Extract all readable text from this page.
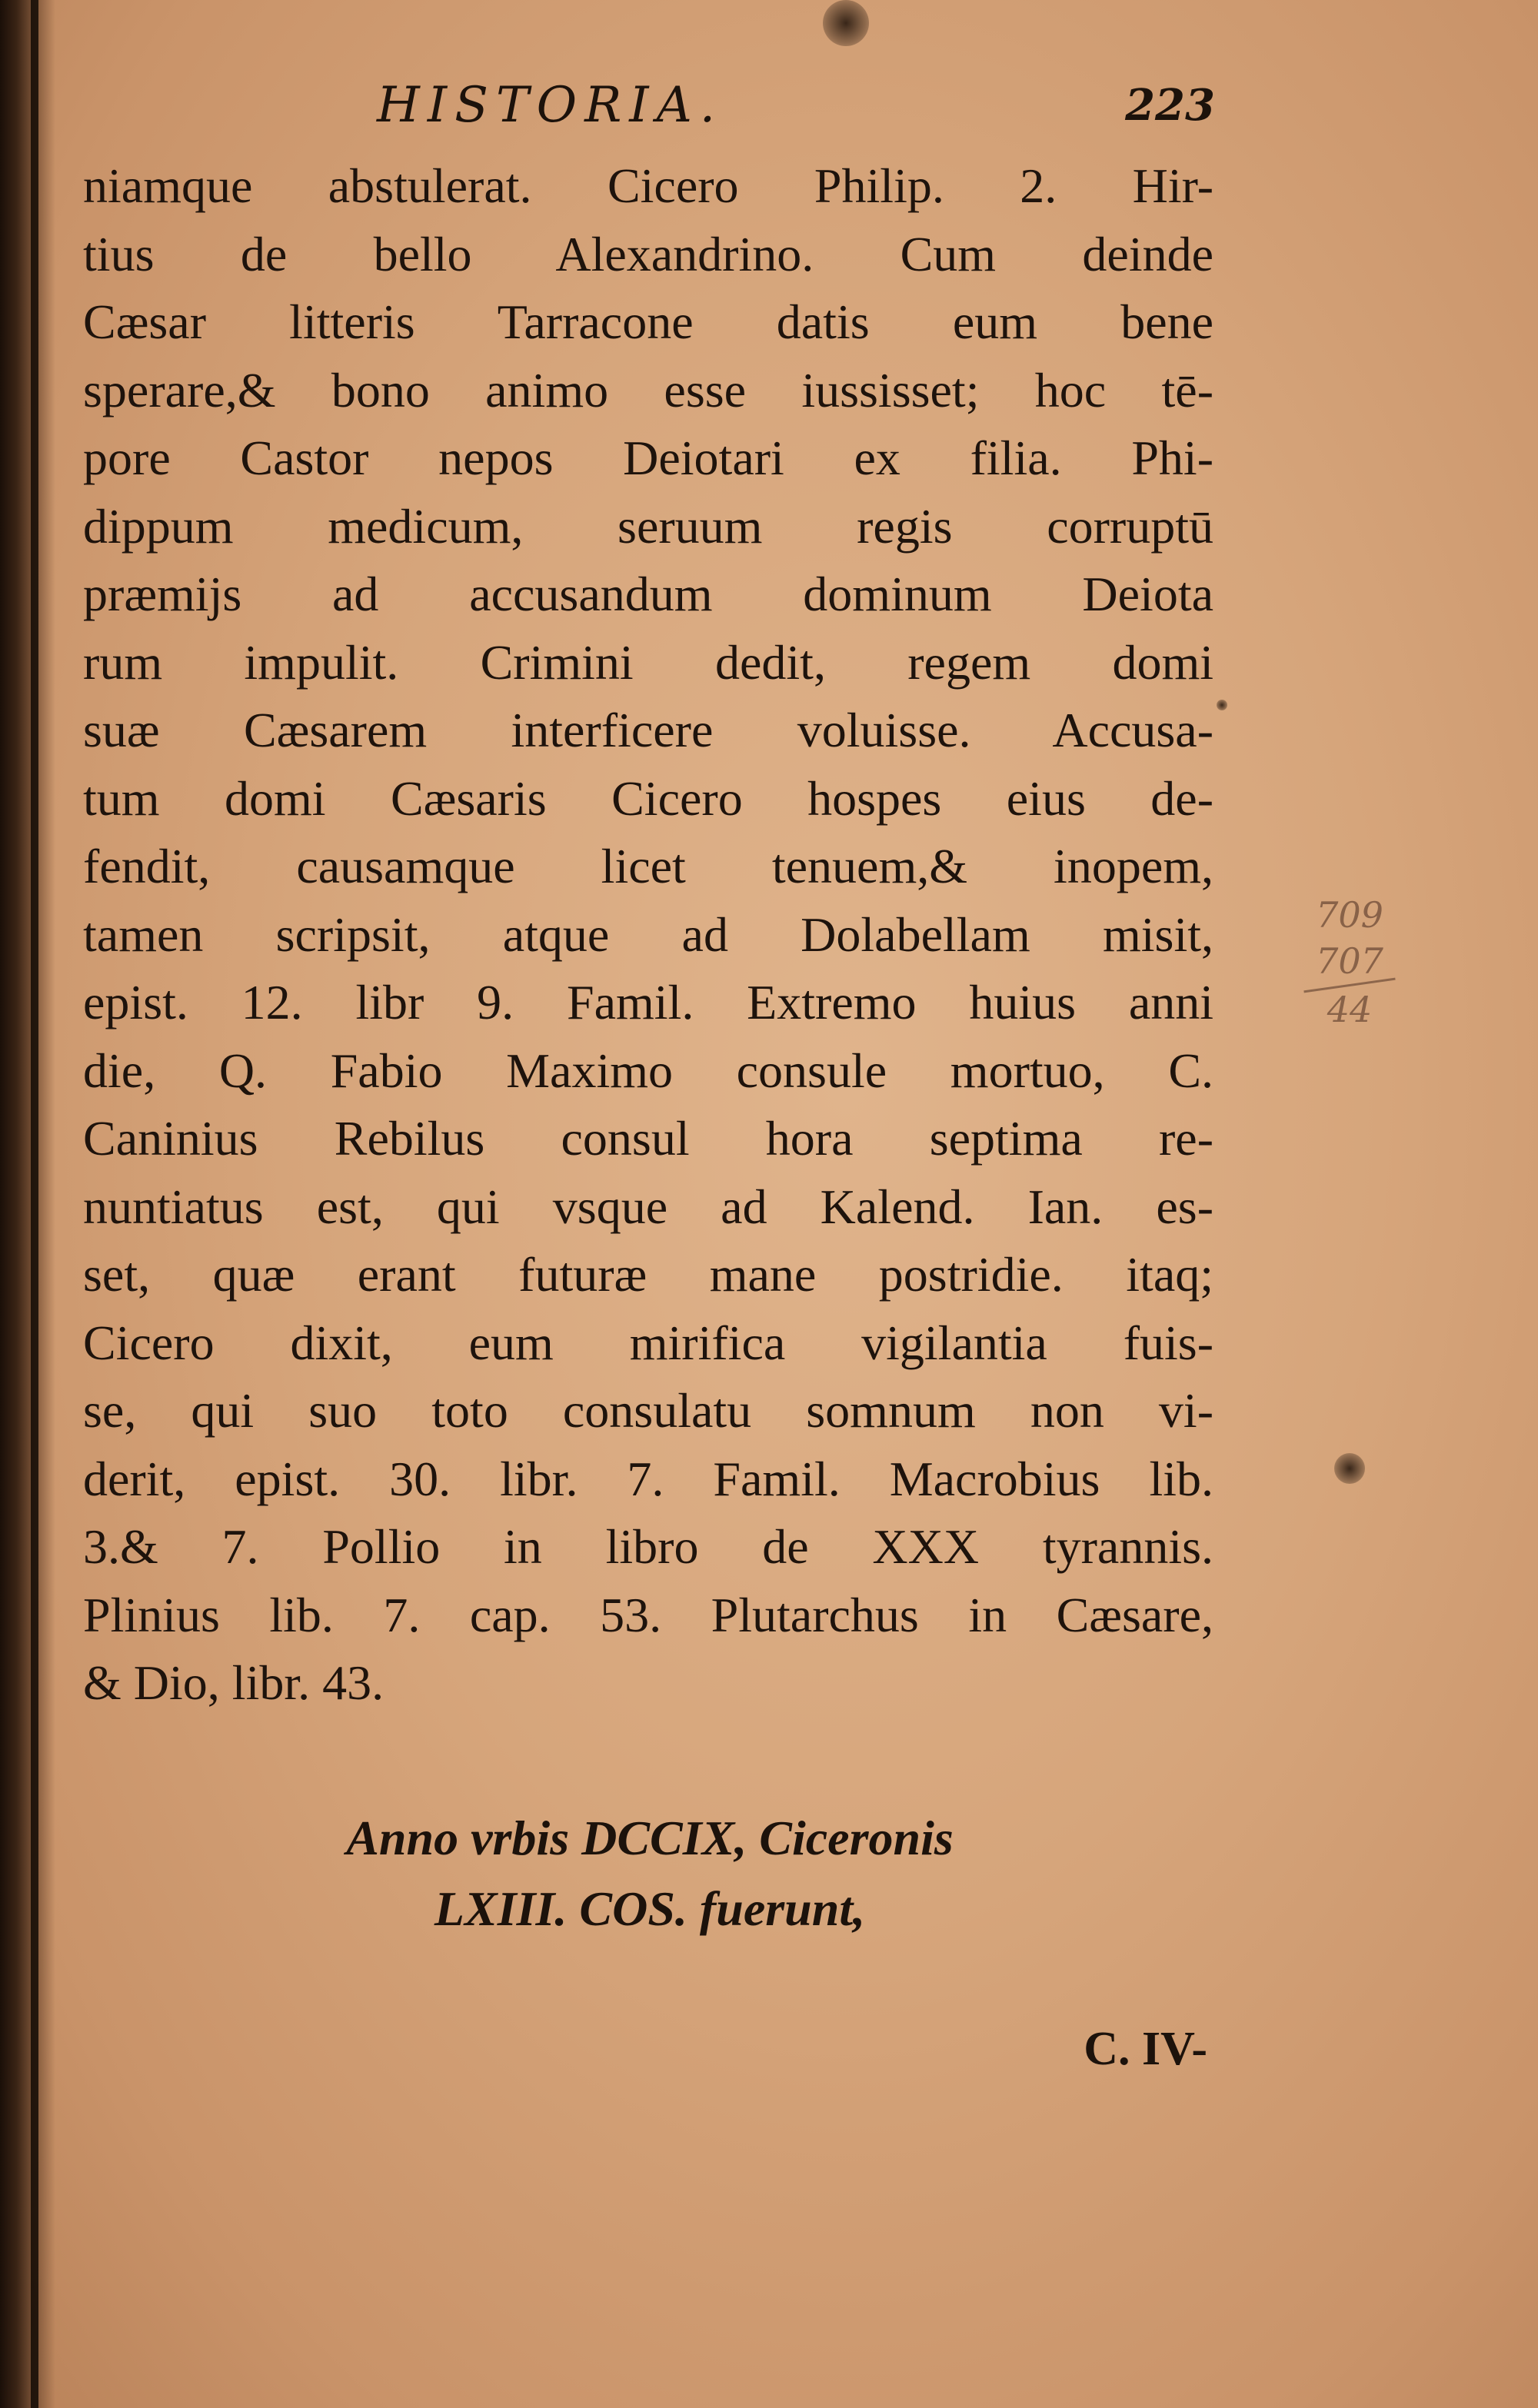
HISTORIA.	223
niamque abstulerat. Cicero Philip. 2. Hir-
tius de bello Alexandrino. Cum deinde
Cæsar litteris Tarracone datis eum bene
sperare,& bono animo esse iussisset; hoc tē-
pore Castor nepos Deiotari ex filia. Phi-
dippum medicum, seruum regis corruptū
præmijs ad accusandum dominum Deiota
rum impulit. Crimini dedit, regem domi
suæ Cæsarem interficere voluisse. Accusa-
tum domi Cæsaris Cicero hospes eius de-
fendit, causamque licet tenuem,& inopem,
tamen scripsit, atque ad Dolabellam misit,
epist. 12. libr 9. Famil. Extremo huius anni
die, Q. Fabio Maximo consule mortuo, C.
Caninius Rebilus consul hora septima re-
nuntiatus est, qui vsque ad Kalend. Ian. es-
set, quæ erant futuræ mane postridie. itaq;
Cicero dixit, eum mirifica vigilantia fuis-
se, qui suo toto consulatu somnum non vi-
derit, epist. 30. libr. 7. Famil. Macrobius lib.
3.& 7. Pollio in libro de XXX tyrannis.
Plinius lib. 7. cap. 53. Plutarchus in Cæsare,
& Dio, libr. 43.
Anno vrbis DCCIX, Ciceronis
LXIII. COS. fuerunt,
C. IV-
709
707
44
